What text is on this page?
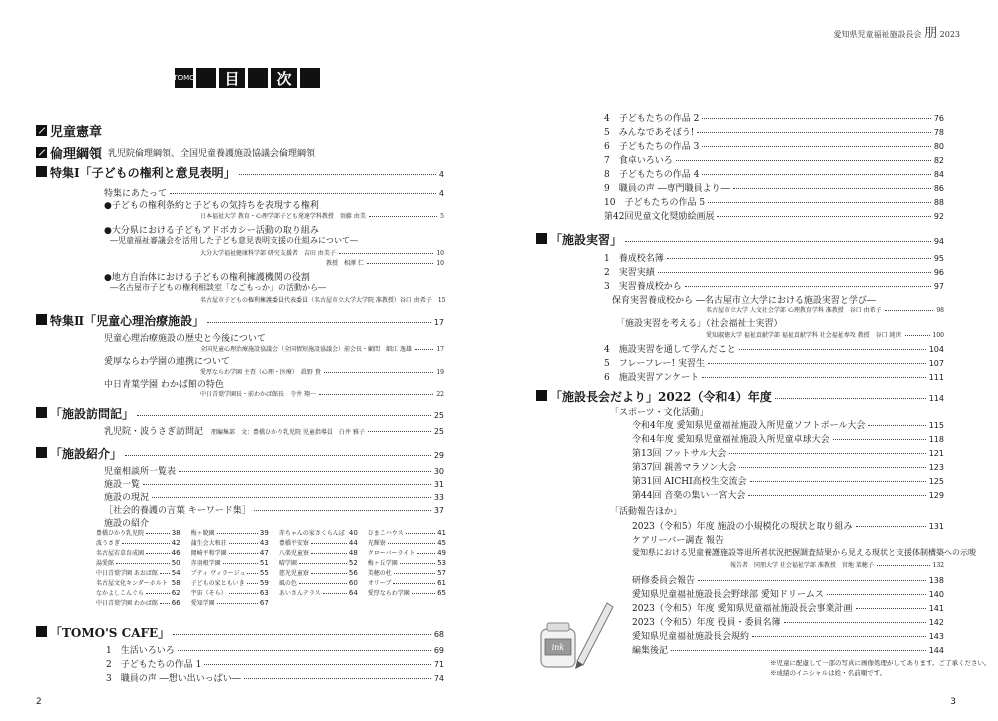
愛知県児童福祉施設長会 朋 2023
TOMO	目	次
児童憲章
倫理綱領 乳児院倫理綱領、全国児童養護施設協議会倫理綱領
特集Ⅰ「子どもの権利と意見表明」	4
特集にあたって	4
●子どもの権利条約と子どもの気持ちを表現する権利
日本福祉大学 教育・心理学部子ども発達学科教授　須藤 由美	5
●大分県における子どもアドボカシー活動の取り組み
―児童福祉審議会を活用した子ども意見表明支援の仕組みについて―
大分大学福祉健康科学部 研究支援者　吉田 由美子	10
教授　相澤 仁	10
●地方自治体における子どもの権利擁護機関の役割
―名古屋市子どもの権利相談室「なごもっか」の活動から―
名古屋市子どもの権利擁護委員代表委員（名古屋市立大学大学院 准教授）谷口 由希子 15
特集Ⅱ「児童心理治療施設」	17
児童心理治療施設の歴史と今後について
全国児童心理治療施設協議会（全国情短施設協議会）前会長・顧問　細江 逸雄	17
愛厚ならわ学園の連携について
愛厚ならわ学園 主査（心理・医療）　眞野 貴	19
中日青葉学園 わかば館の特色
中日青葉学園長・前わかば館長　寺井 翔一	22
「施設訪問記」	25
乳児院・波うさぎ訪問記 朋編集部　文：豊橋ひかり乳児院 児童指導員　白井 雅子	25
「施設紹介」	29
児童相談所一覧表	30
施設一覧	31
施設の現況	33
［社会的養護の言葉 キーワード集］	37
施設の紹介
豊橋ひかり乳児院	38 梅ヶ暁園	39 赤ちゃんの家さくらんぼ 40 ひまこハウス	41
波うさぎ	42 蒲生会大和荘	43 豊橋平安寮	44 光輝寮	45
名古屋若草育成園	46 岡崎平和学園	47 八楽児童寮	48 クローバーライト	49
湯愛館	50 赤羽根学園	51 晴学園	52 梅ヶ丘学園	53
中日青葉学園 あおば館 54 ブティ ヴィラージュ 55 慈光児童寮	56 美穂の杜	57
名古屋文化キンダーホルト 58 子どもの家ともいき 59 風の色	60 オリーブ	61
なかよしこんぐら	62 宇宙（そら）	63 あいさんテラス	64 愛厚ならわ学園	65
中日青葉学園 わかば館 66 愛知学園	67
「TOMO'S CAFE」	68
1　生活いろいろ	69
2　子どもたちの作品 1	71
3　職員の声 ―想い出いっぱい―	74
2
4　子どもたちの作品 2	76
5　みんなであそぼう!	78
6　子どもたちの作品 3	80
7　食卓いろいろ	82
8　子どもたちの作品 4	84
9　職員の声 ―専門職員より―	86
10　子どもたちの作品 5	88
第42回児童文化奨励絵画展	92
「施設実習」	94
1　養成校名簿	95
2　実習実績	96
3　実習養成校から	97
保育実習養成校から ―名古屋市立大学における施設実習と学び―
名古屋市立大学 人文社会学部 心理教育学科 准教授　谷口 由希子	98
「施設実習を考える」（社会福祉士実習）
愛知淑徳大学 福祉貢献学部 福祉貢献学科 社会福祉専攻 教授　谷口 純世	100
4　施設実習を通して学んだこと	104
5　フレーフレー! 実習生	107
6　施設実習アンケート	111
「施設長会だより」2022（令和4）年度	114
「スポーツ・文化活動」
令和4年度 愛知県児童福祉施設入所児童ソフトボール大会	115
令和4年度 愛知県児童福祉施設入所児童卓球大会	118
第13回 フットサル大会	121
第37回 親善マラソン大会	123
第31回 AICHI高校生交流会	125
第44回 音楽の集い一宮大会	129
「活動報告ほか」
2023（令和5）年度 施設の小規模化の現状と取り組み	131
ケアリーバー調査 報告
愛知県における児童養護施設等退所者状況把握調査結果から見える現状と支援体制構築への示唆
報告者　同朋大学 社会福祉学部 准教授　宮地 菜穂子	132
研修委員会報告	138
愛知県児童福祉施設長会野球部 愛知ドリームス	140
2023（令和5）年度 愛知県児童福祉施設長会事業計画	141
2023（令和5）年度 役員・委員名簿	142
愛知県児童福祉施設長会規約	143
編集後記	144
ink
※児童に配慮して一部の写真に画像処理がしてあります。ご了承ください。
※成績のイニシャルは姓・名前順です。
3
